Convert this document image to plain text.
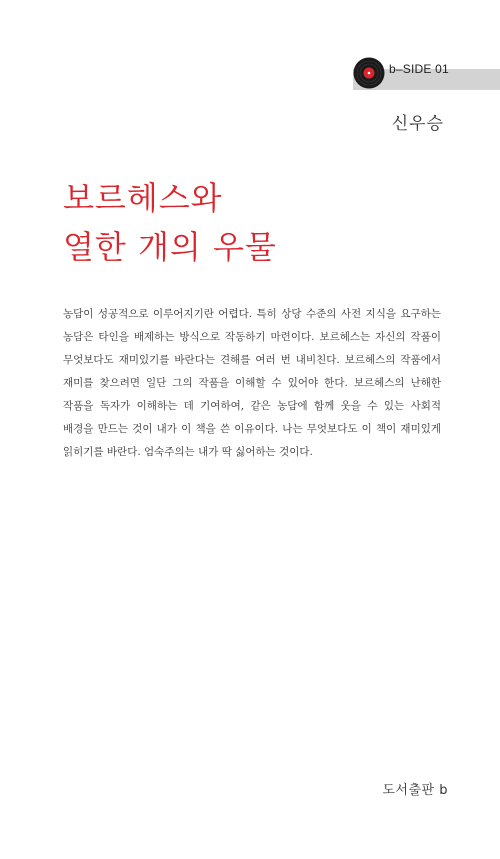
b–SIDE 01
신우승
보르헤스와
열한 개의 우물

농담이 성공적으로 이루어지기란 어렵다. 특히 상당 수준의 사전 지식을 요구하는 농담은 타인을 배제하는 방식으로 작동하기 마련이다. 보르헤스는 자신의 작품이 무엇보다도 재미있기를 바란다는 견해를 여러 번 내비친다. 보르헤스의 작품에서 재미를 찾으려면 일단 그의 작품을 이해할 수 있어야 한다. 보르헤스의 난해한 작품을 독자가 이해하는 데 기여하여, 같은 농담에 함께 웃을 수 있는 사회적 배경을 만드는 것이 내가 이 책을 쓴 이유이다. 나는 무엇보다도 이 책이 재미있게 읽히기를 바란다. 엄숙주의는 내가 딱 싫어하는 것이다.

도서출판 b
